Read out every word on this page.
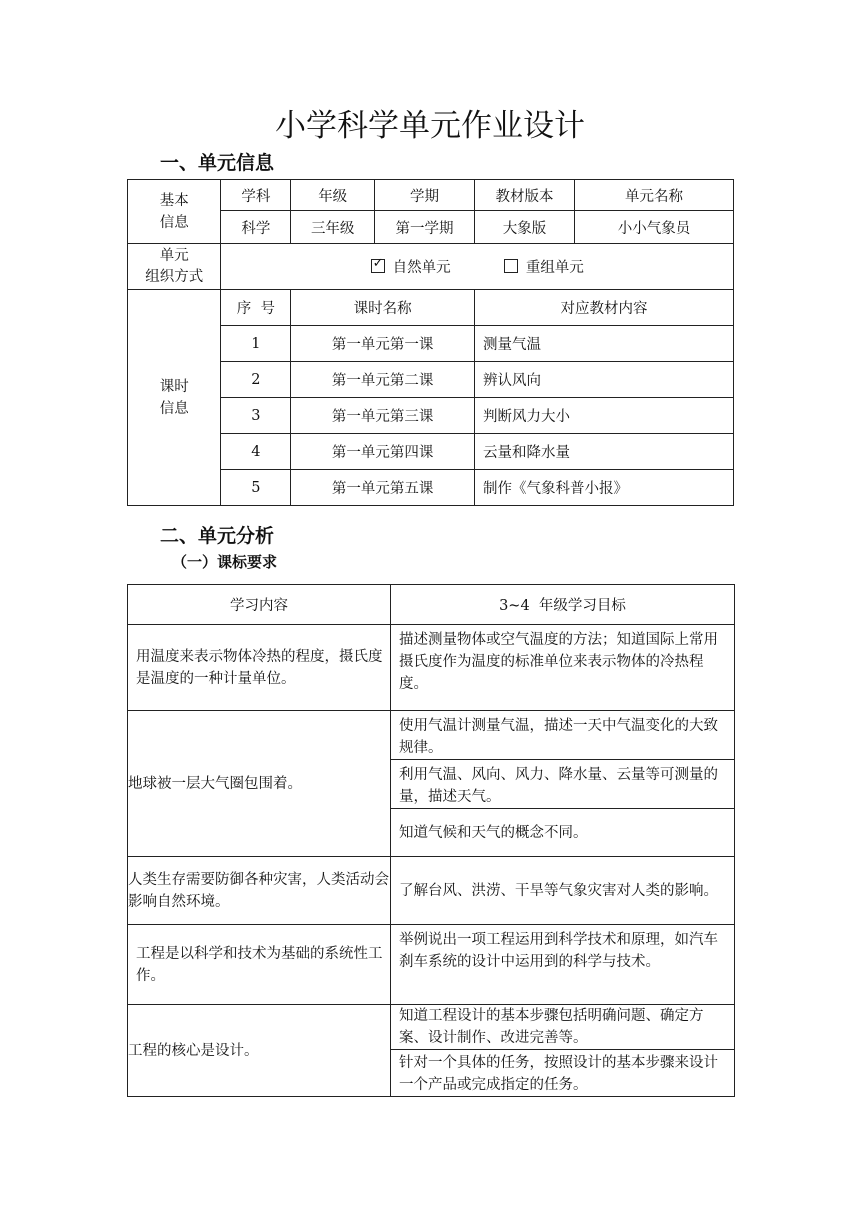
小学科学单元作业设计
一、单元信息
基本
信息	学科	年级	学期	教材版本	单元名称
	科学	三年级	第一学期	大象版	小小气象员
单元
组织方式	✓ 自然单元 重组单元				
课时
信息	序  号	课时名称		对应教材内容	
	1	第一单元第一课		测量气温	
	2	第一单元第二课		辨认风向	
	3	第一单元第三课		判断风力大小	
	4	第一单元第四课		云量和降水量	
	5	第一单元第五课		制作《气象科普小报》	
二、单元分析
（一）课标要求
学习内容	3~4  年级学习目标
用温度来表示物体冷热的程度，摄氏度是温度的一种计量单位。	描述测量物体或空气温度的方法；知道国际上常用摄氏度作为温度的标准单位来表示物体的冷热程度。
地球被一层大气圈包围着。	使用气温计测量气温，描述一天中气温变化的大致规律。
	利用气温、风向、风力、降水量、云量等可测量的量，描述天气。
	知道气候和天气的概念不同。
人类生存需要防御各种灾害，人类活动会影响自然环境。	了解台风、洪涝、干旱等气象灾害对人类的影响。
工程是以科学和技术为基础的系统性工作。	举例说出一项工程运用到科学技术和原理，如汽车刹车系统的设计中运用到的科学与技术。
工程的核心是设计。	知道工程设计的基本步骤包括明确问题、确定方案、设计制作、改进完善等。
	针对一个具体的任务，按照设计的基本步骤来设计一个产品或完成指定的任务。
